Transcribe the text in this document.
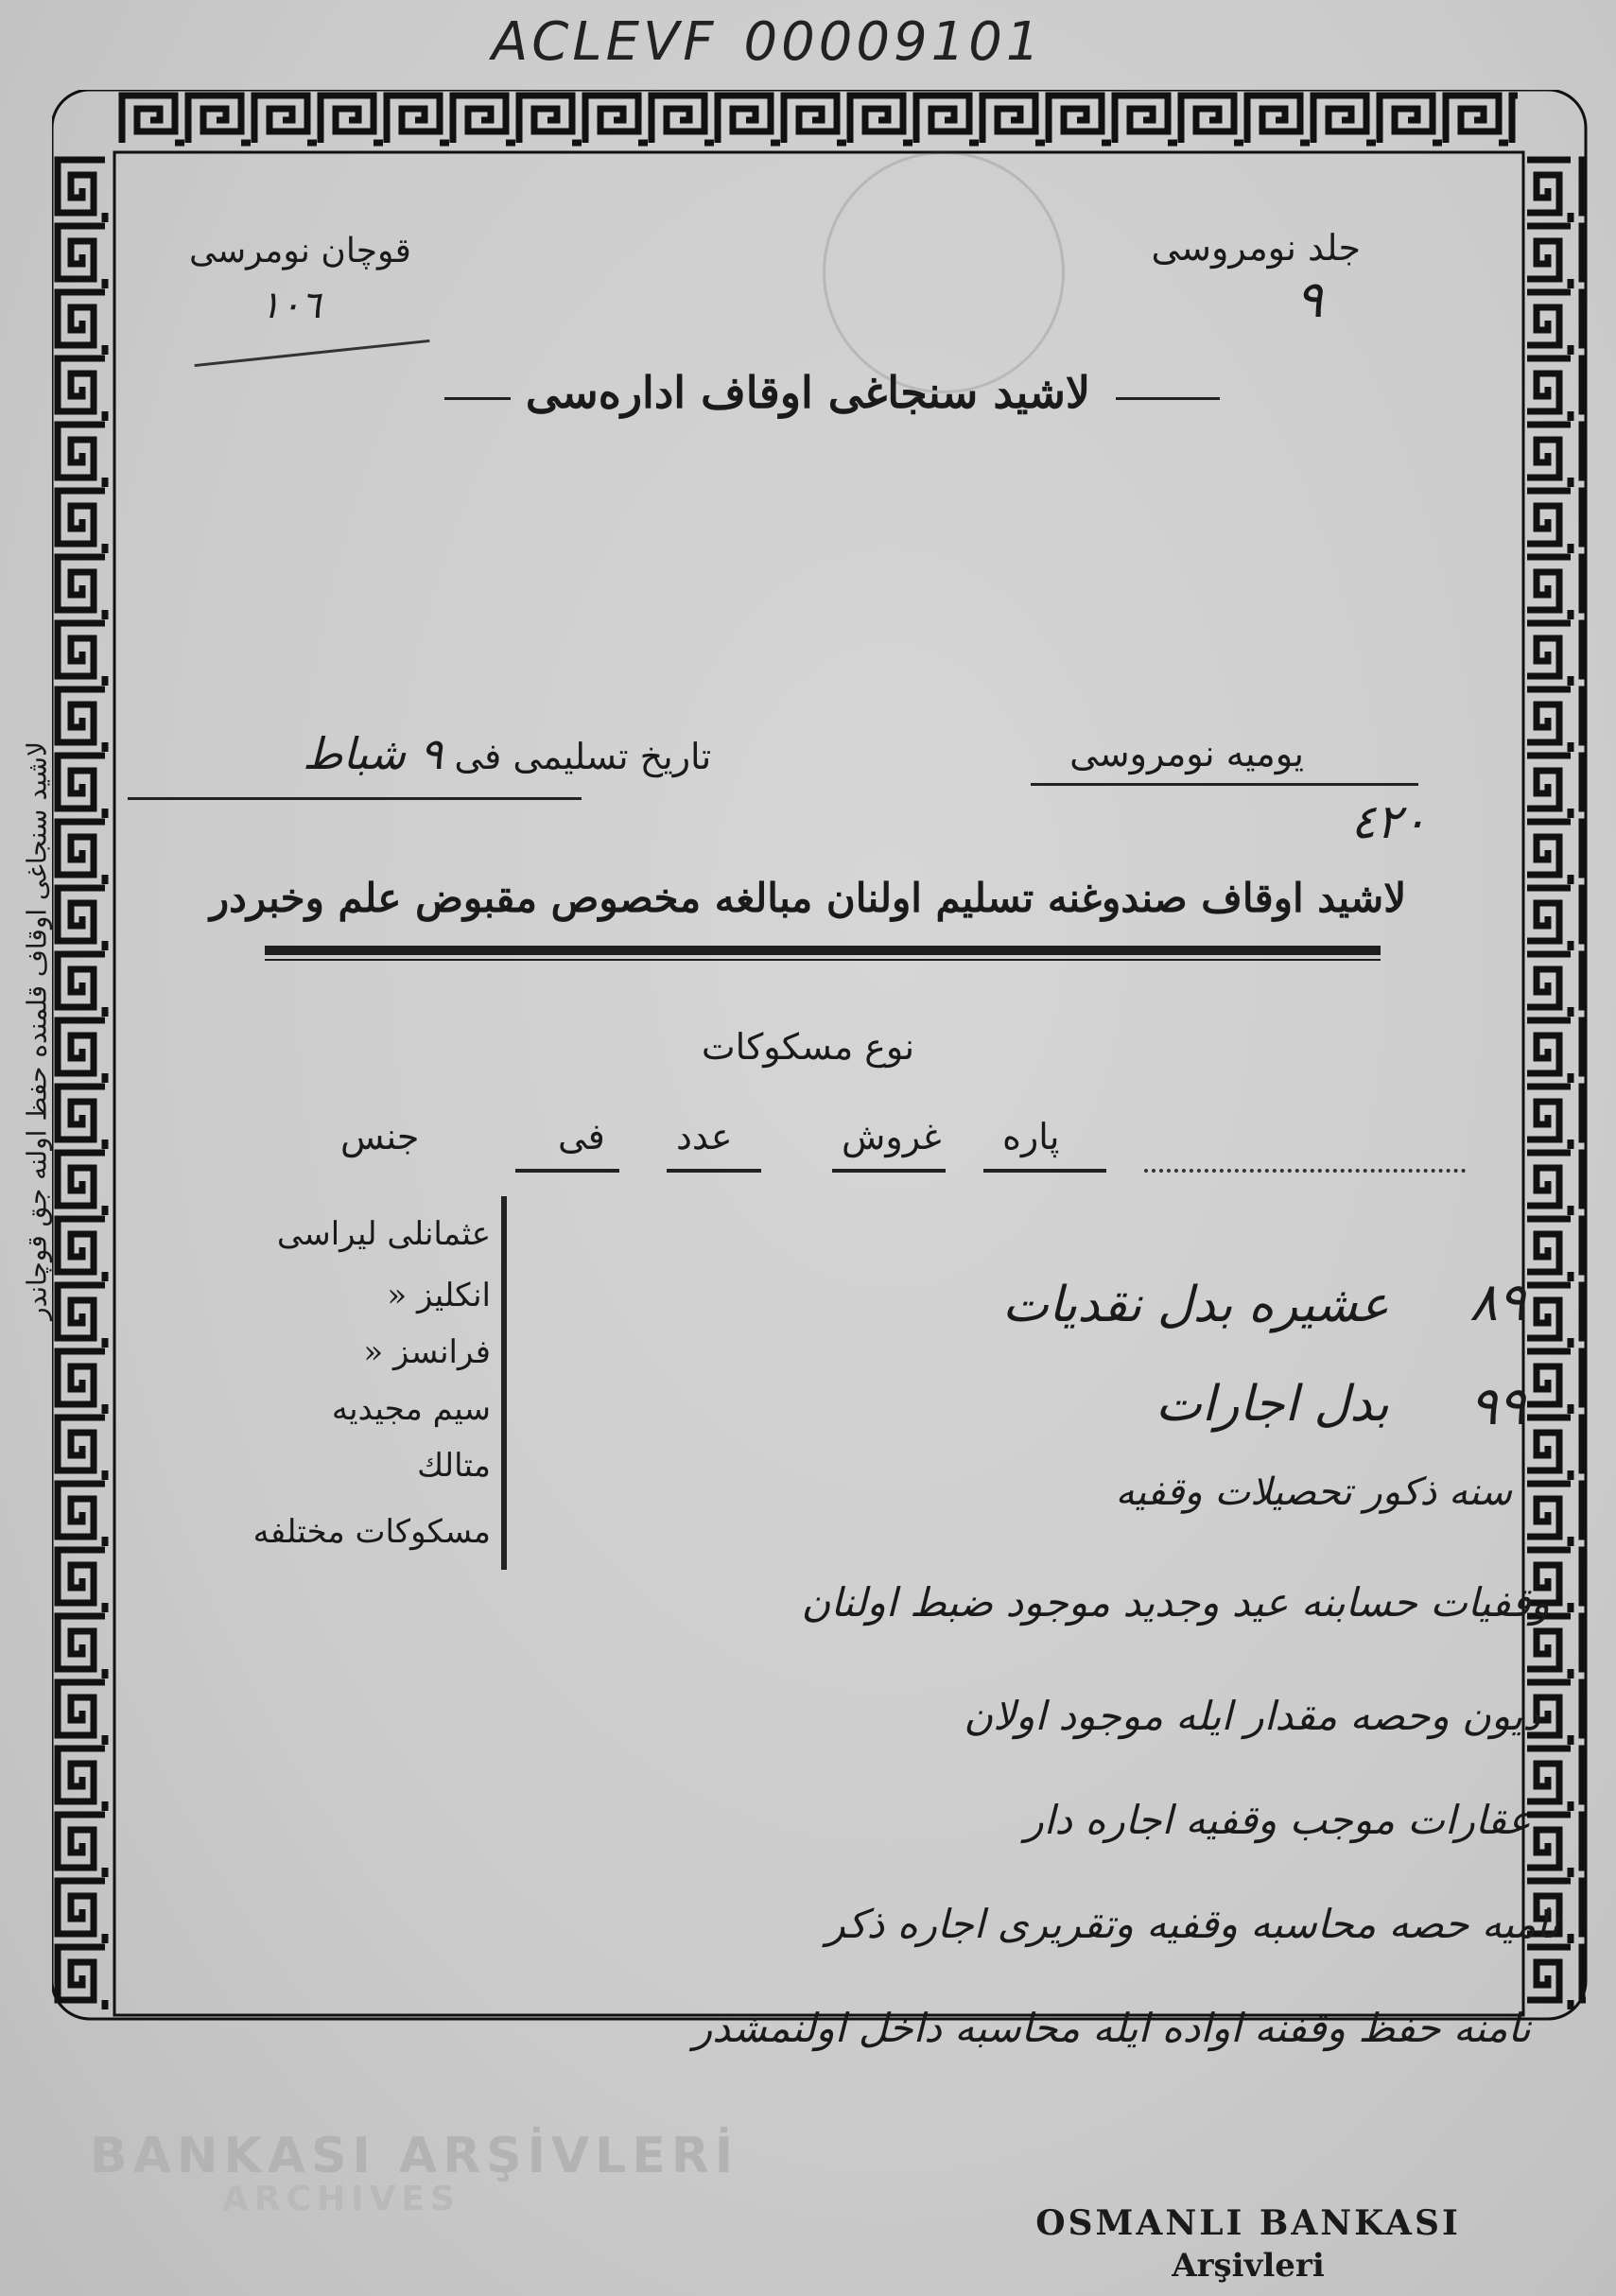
ACLEVF 00009101
لاشيد سنجاغى اوقاف قلمنده حفظ اولنه جق قوچاندر
جلد نومروسی
٩
قوچان نومرسی
١٠٦
لاشيد سنجاغى اوقاف اداره‌سى
يوميه نومروسى
٤٢٠
تاريخ تسليمى فى ٩ شباط
لاشيد اوقاف صندوغنه تسليم اولنان مبالغه مخصوص مقبوض علم وخبردر
نوع مسكوكات
پاره
غروش
عدد
فى
جنس
عثمانلى ليراسى
انكليز «
فرانسز «
سيم مجيديه
متالك
مسكوكات مختلفه
٨٩
عشيره بدل نقديات
٩٩
بدل اجارات
سنه ذكور تحصيلات وقفيه
وقفيات حسابنه عيد وجديد موجود ضبط اولنان
ديون وحصه مقدار ايله موجود اولان
عقارات موجب وقفيه اجاره دار
ناميه حصه محاسبه وقفيه وتقريرى اجاره ذكر
نامنه حفظ وقفنه اواده ايله محاسبه داخل اولنمشدر
BANKASI ARŞİVLERİ
ARCHIVES
OSMANLI BANKASI
Arşivleri
